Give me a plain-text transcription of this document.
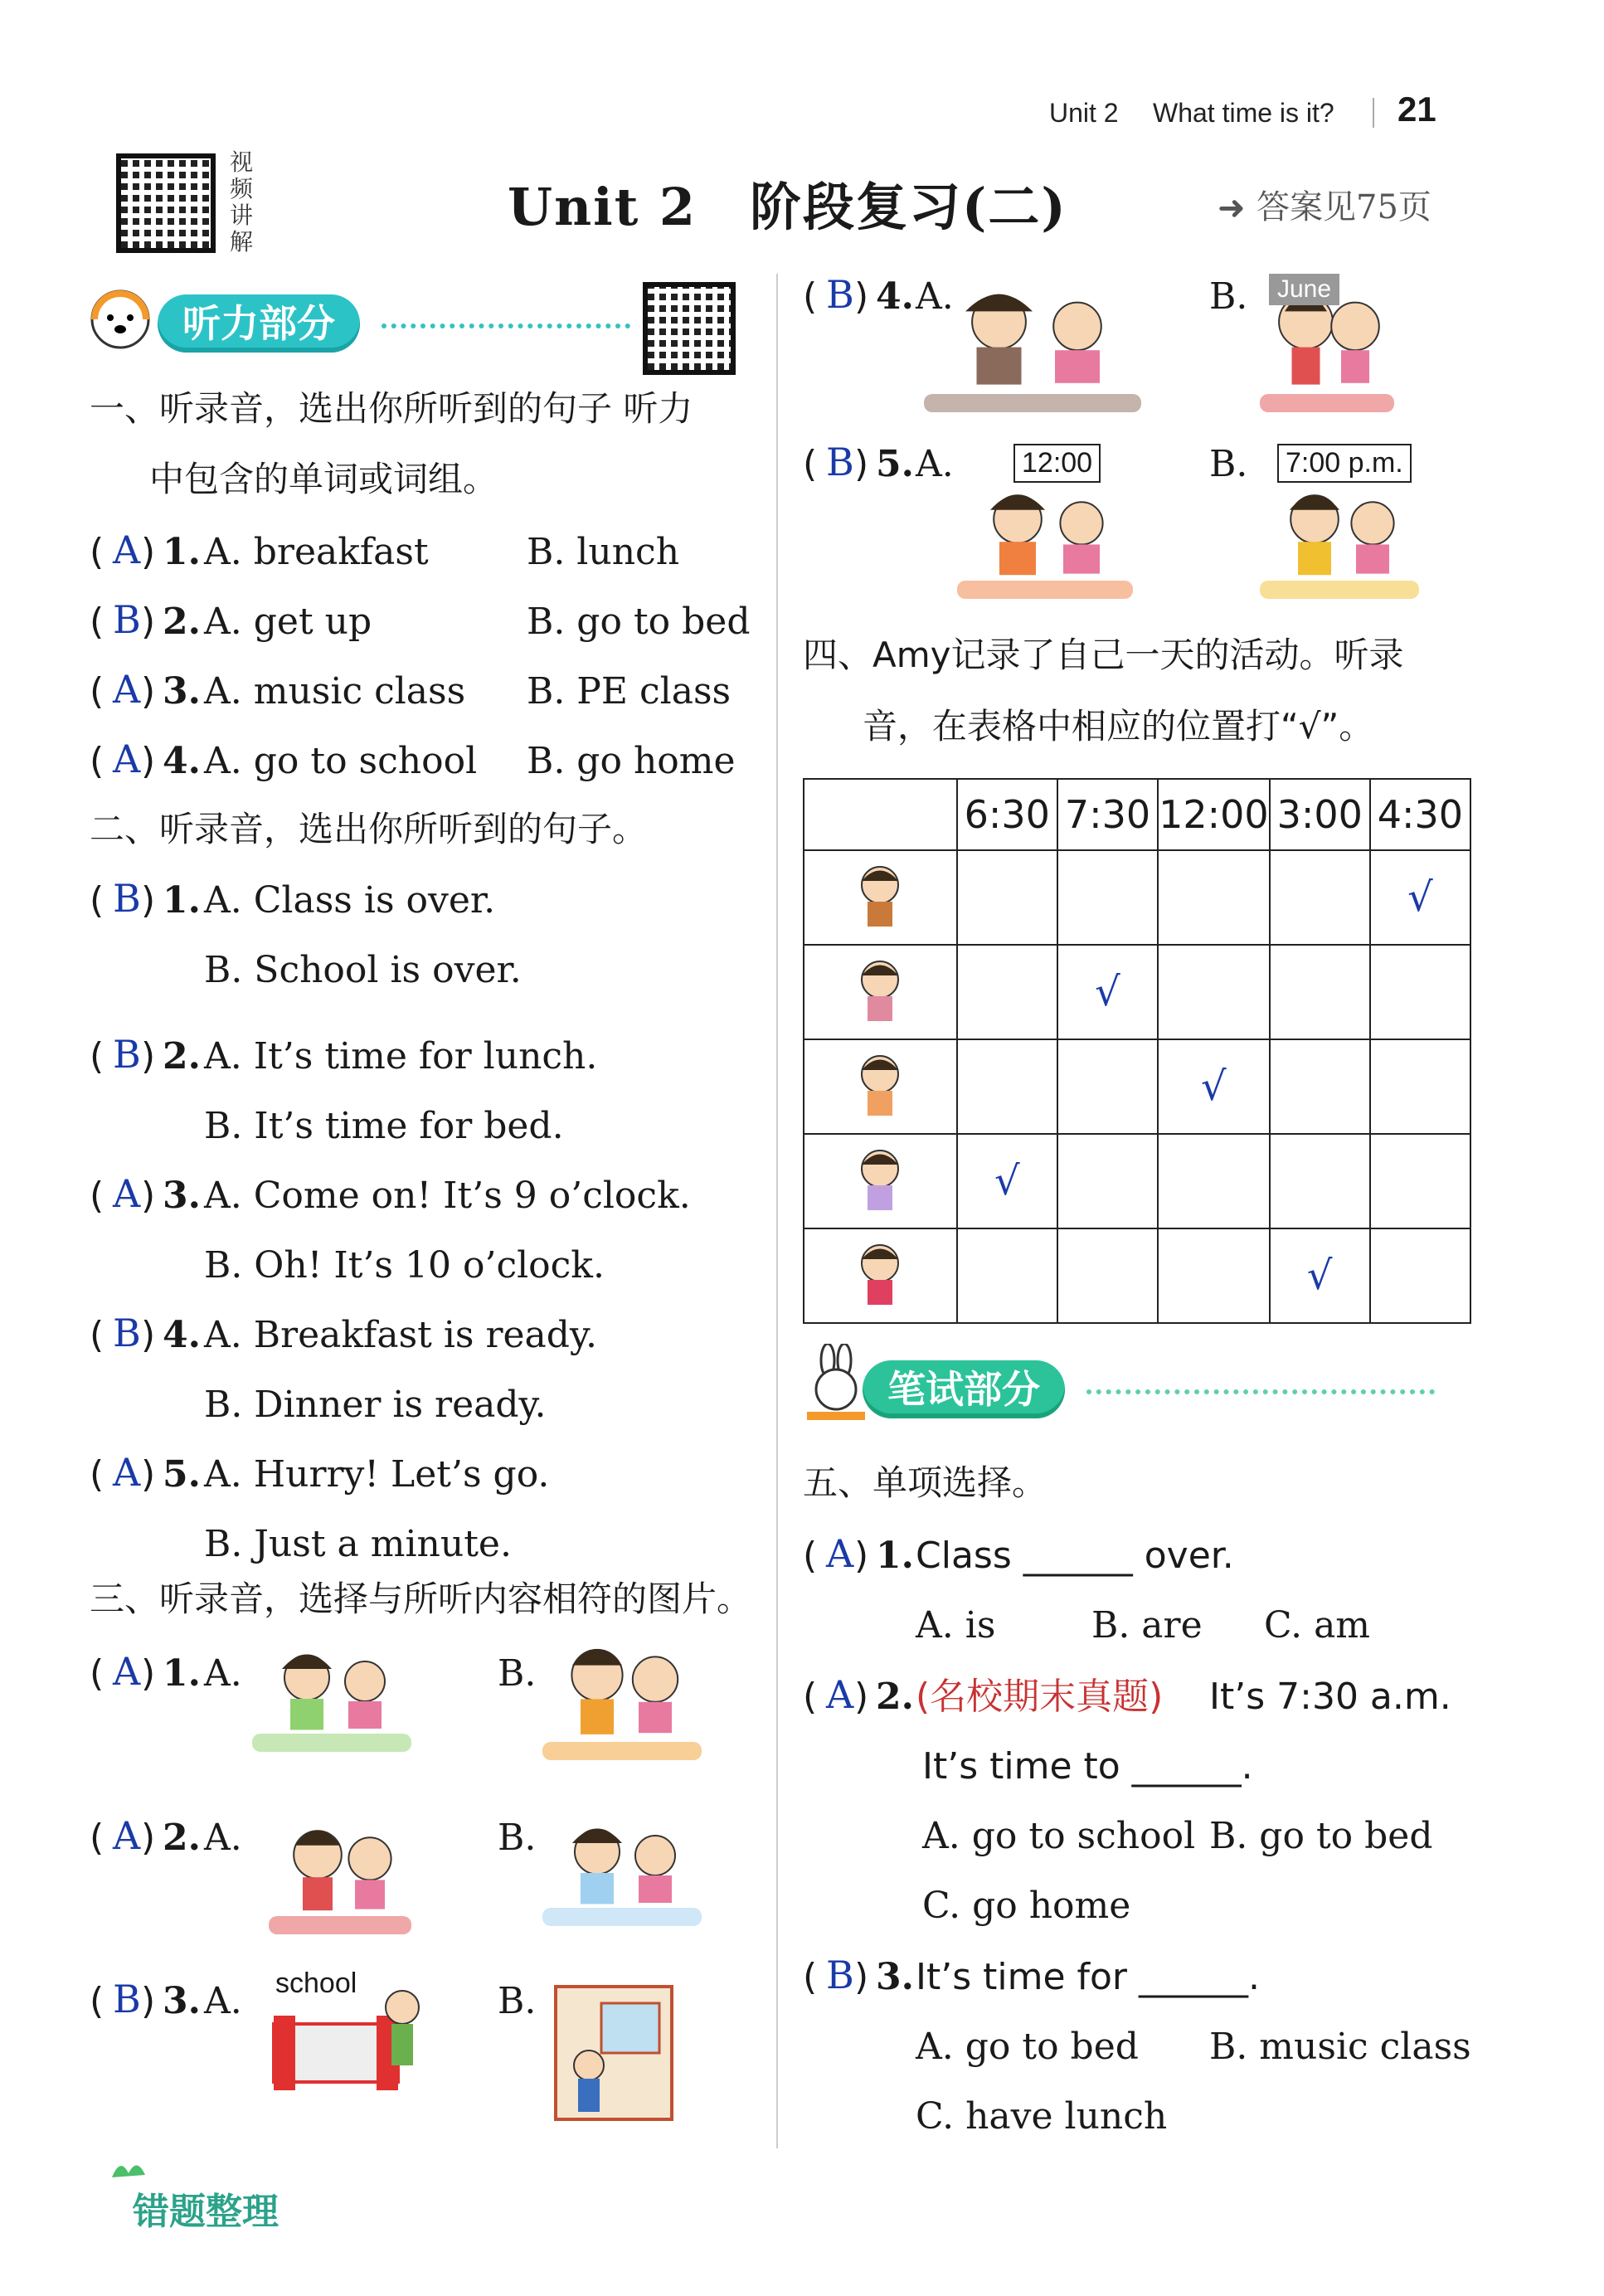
Unit 2 What time is it? 21
视频讲解
Unit 2　阶段复习(二)	➜ 答案见75页
听力部分
一、听录音，选出你所听到的句子 听力
中包含的单词或词组。
二、听录音，选出你所听到的句子。
三、听录音，选择与所听内容相符的图片。
四、Amy记录了自己一天的活动。听录
音，在表格中相应的位置打“√”。
	6:30	7:30	12:00	3:00	4:30
					√
		√			
			√		
	√				
				√	
笔试部分
五、单项选择。
错题整理
( A ) 1. A. breakfast	B. lunch
( B ) 2. A. get up	B. go to bed
( A ) 3. A. music class B. PE class
( A ) 4. A. go to school B. go home
( B ) 1. A. Class is over.
B. School is over.
( B ) 2. A. It’s time for lunch.
B. It’s time for bed.
( A ) 3. A. Come on! It’s 9 o’clock.
B. Oh! It’s 10 o’clock.
( B ) 4. A. Breakfast is ready.
B. Dinner is ready.
( A ) 5. A. Hurry! Let’s go.
B. Just a minute.
( A ) 1. A.	B.
( A ) 2. A.	B.
( B ) 3. A.	B.
( B ) 4. A.	B.
( B ) 5. A.	B.
school
June
12:00	7:00 p.m.
( A ) 1. Class ______ over.
A. is	B. are C. am
( A ) 2. (名校期末真题) It’s 7:30 a.m.
It’s time to ______.
A. go to school B. go to bed
C. go home
( B ) 3. It’s time for ______.
A. go to bed B. music class
C. have lunch
